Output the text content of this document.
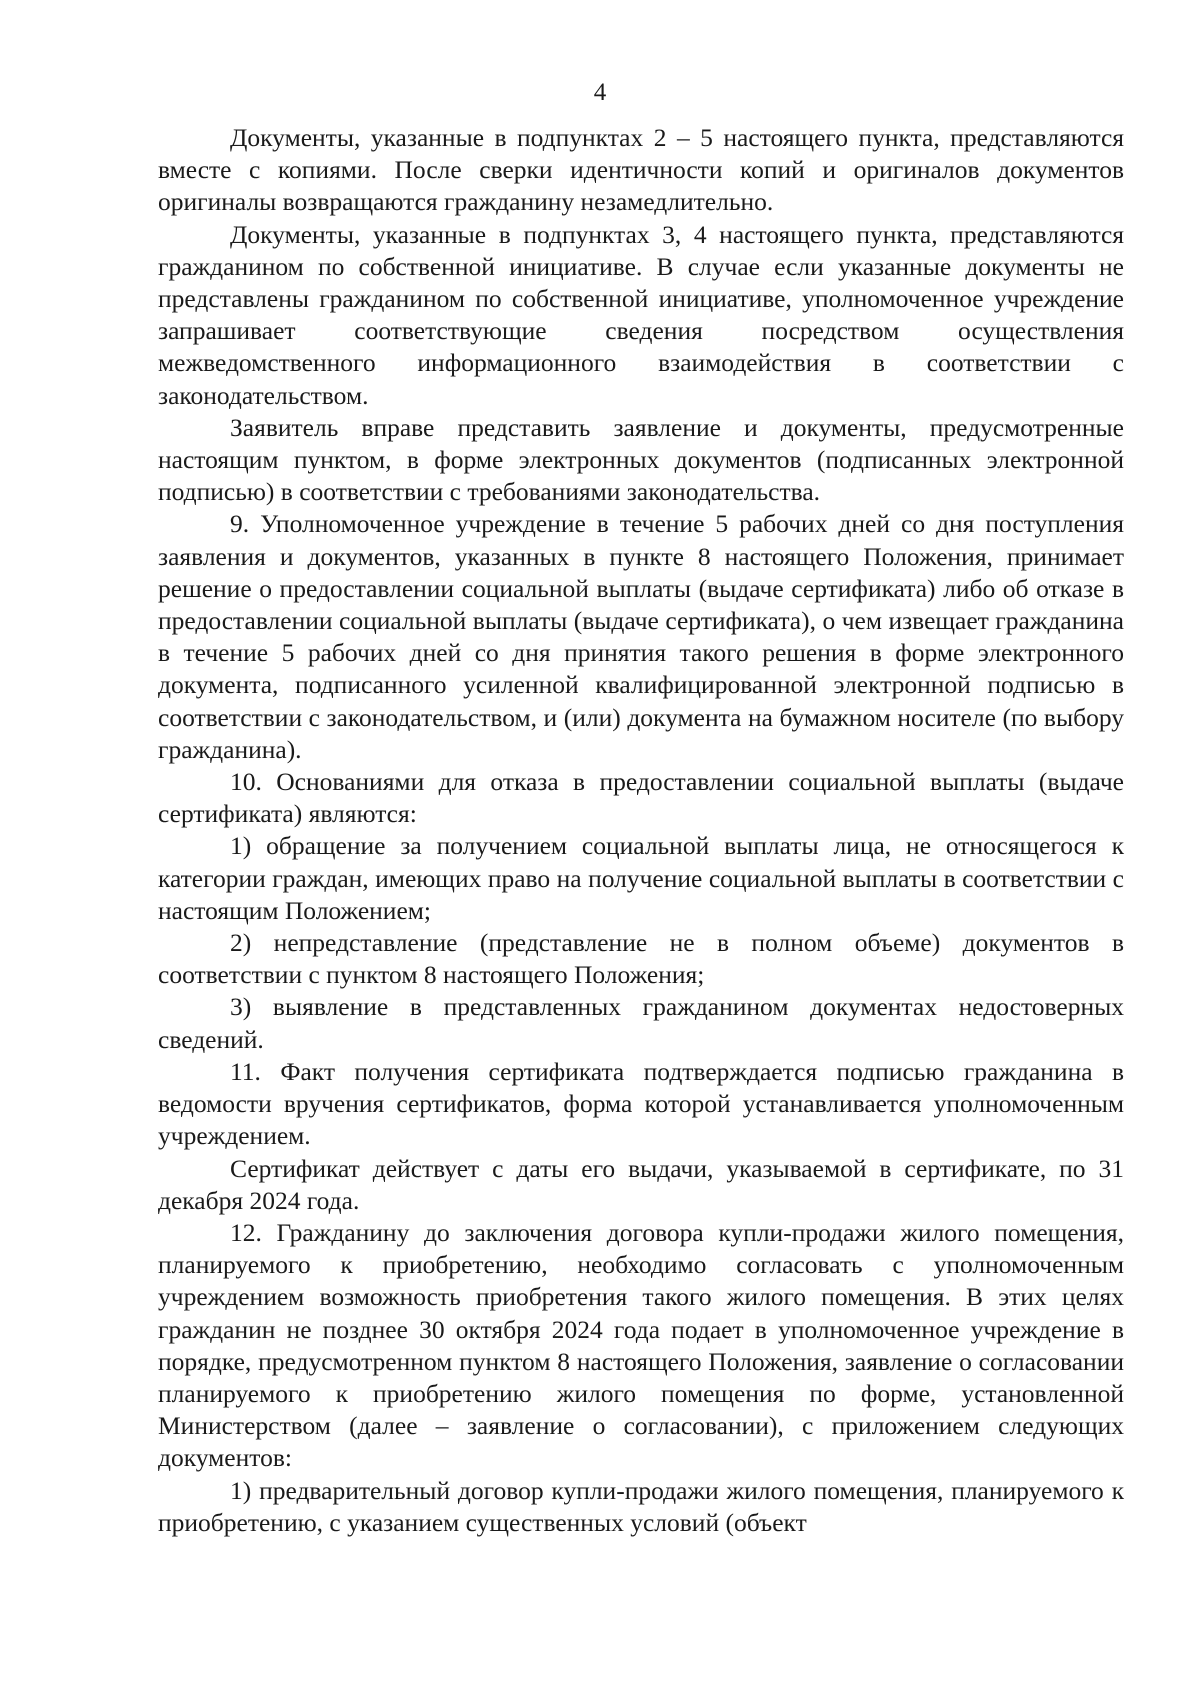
4

Документы, указанные в подпунктах 2 – 5 настоящего пункта, представляются вместе с копиями. После сверки идентичности копий и оригиналов документов оригиналы возвращаются гражданину незамедлительно.

Документы, указанные в подпунктах 3, 4 настоящего пункта, представляются гражданином по собственной инициативе. В случае если указанные документы не представлены гражданином по собственной инициативе, уполномоченное учреждение запрашивает соответствующие сведения посредством осуществления межведомственного информационного взаимодействия в соответствии с законодательством.

Заявитель вправе представить заявление и документы, предусмотренные настоящим пунктом, в форме электронных документов (подписанных электронной подписью) в соответствии с требованиями законодательства.

9. Уполномоченное учреждение в течение 5 рабочих дней со дня поступления заявления и документов, указанных в пункте 8 настоящего Положения, принимает решение о предоставлении социальной выплаты (выдаче сертификата) либо об отказе в предоставлении социальной выплаты (выдаче сертификата), о чем извещает гражданина в течение 5 рабочих дней со дня принятия такого решения в форме электронного документа, подписанного усиленной квалифицированной электронной подписью в соответствии с законодательством, и (или) документа на бумажном носителе (по выбору гражданина).

10. Основаниями для отказа в предоставлении социальной выплаты (выдаче сертификата) являются:

1) обращение за получением социальной выплаты лица, не относящегося к категории граждан, имеющих право на получение социальной выплаты в соответствии с настоящим Положением;

2) непредставление (представление не в полном объеме) документов в соответствии с пунктом 8 настоящего Положения;

3) выявление в представленных гражданином документах недостоверных сведений.

11. Факт получения сертификата подтверждается подписью гражданина в ведомости вручения сертификатов, форма которой устанавливается уполномоченным учреждением.

Сертификат действует с даты его выдачи, указываемой в сертификате, по 31 декабря 2024 года.

12. Гражданину до заключения договора купли-продажи жилого помещения, планируемого к приобретению, необходимо согласовать с уполномоченным учреждением возможность приобретения такого жилого помещения. В этих целях гражданин не позднее 30 октября 2024 года подает в уполномоченное учреждение в порядке, предусмотренном пунктом 8 настоящего Положения, заявление о согласовании планируемого к приобретению жилого помещения по форме, установленной Министерством (далее – заявление о согласовании), с приложением следующих документов:

1) предварительный договор купли-продажи жилого помещения, планируемого к приобретению, с указанием существенных условий (объект
